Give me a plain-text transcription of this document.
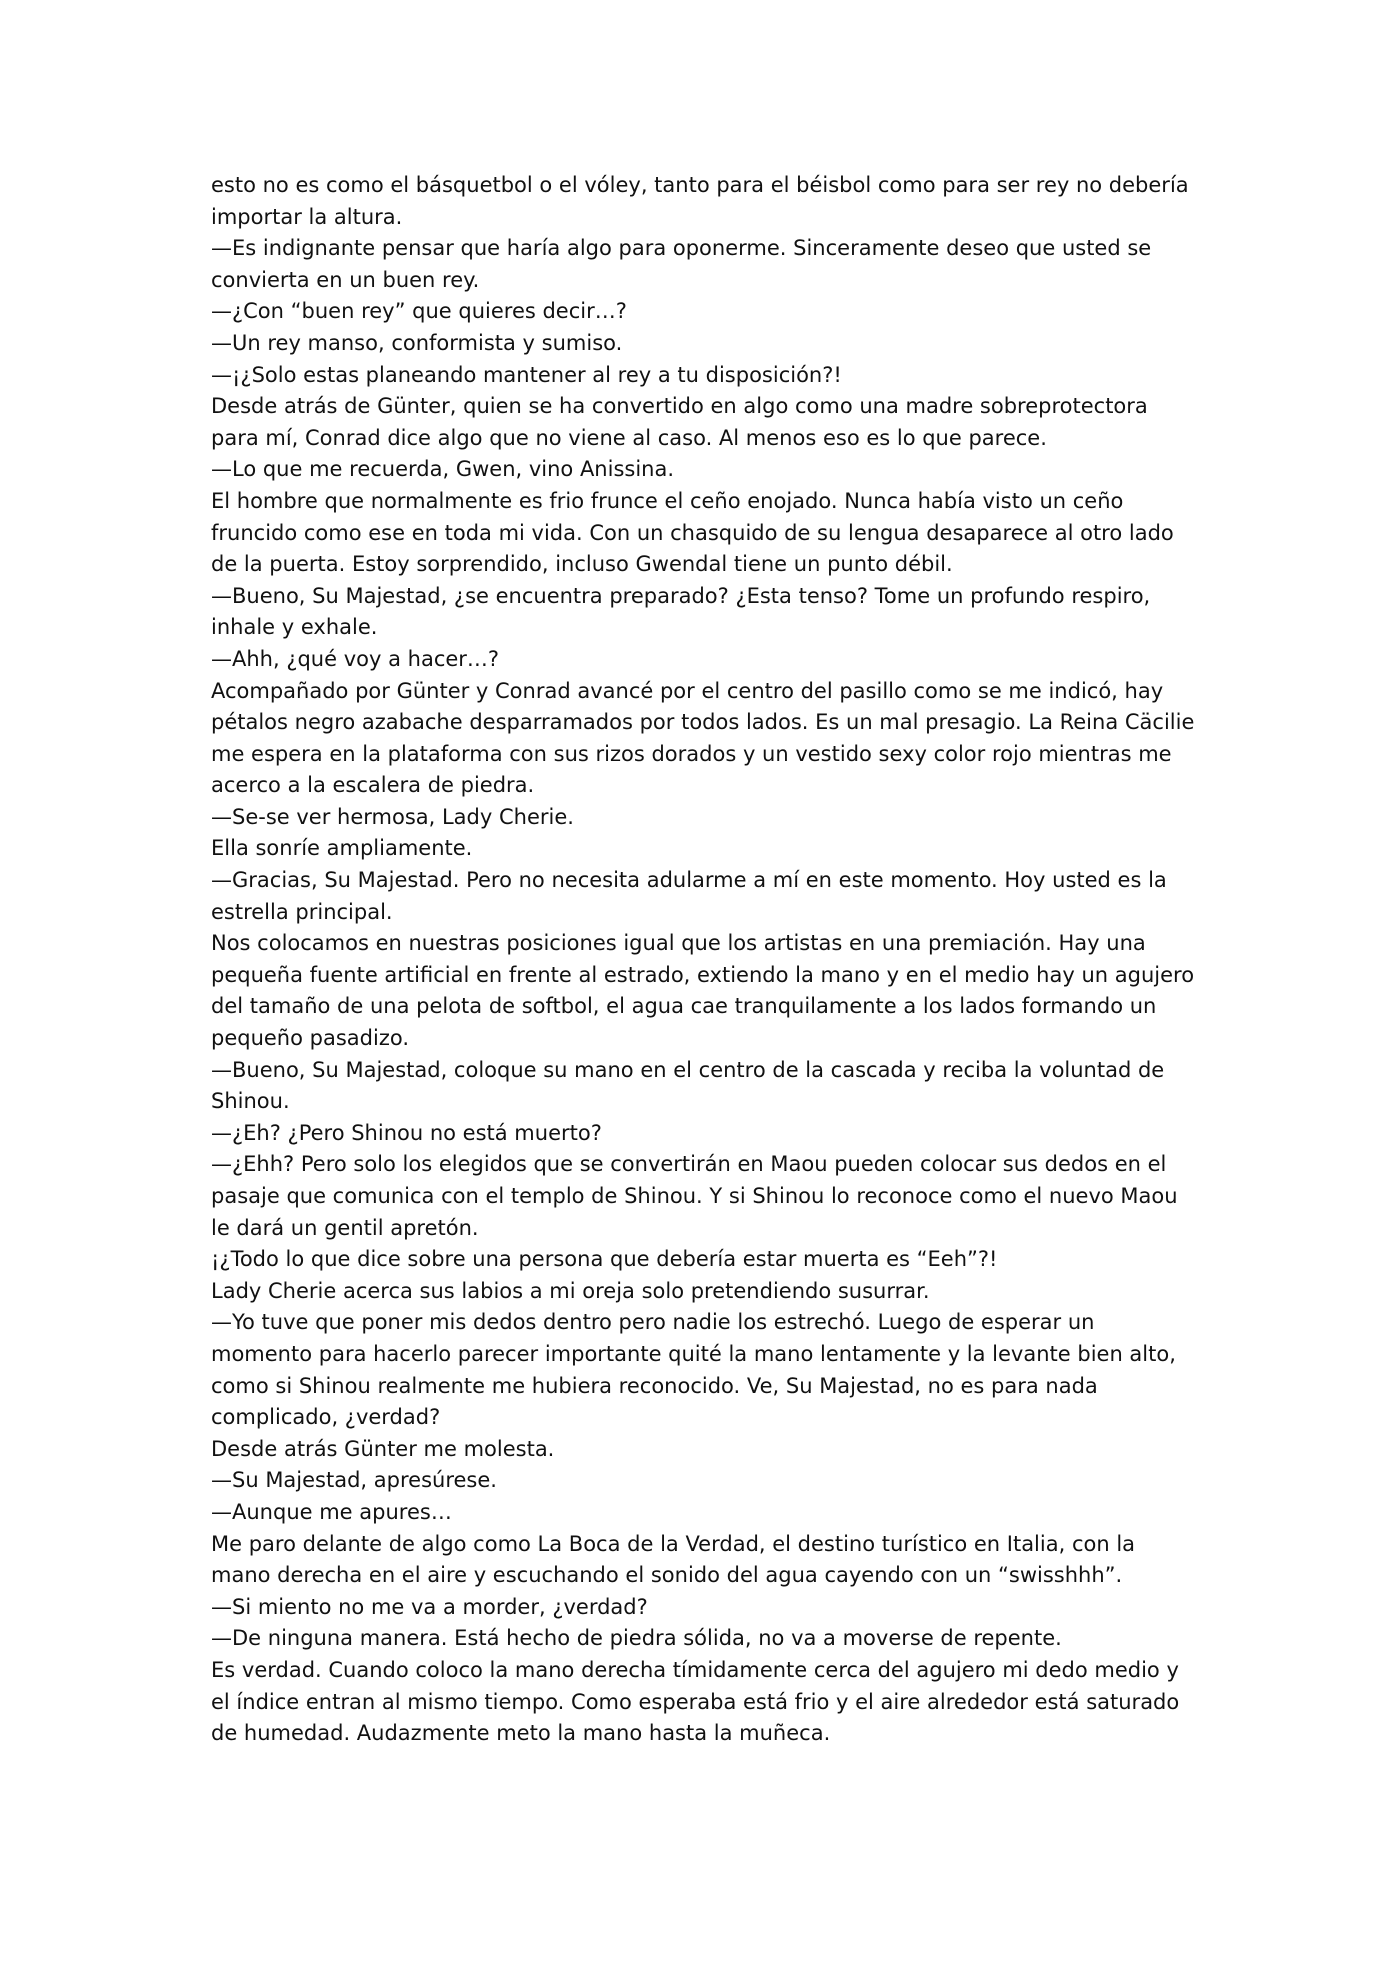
esto no es como el básquetbol o el vóley, tanto para el béisbol como para ser rey no debería importar la altura.

—Es indignante pensar que haría algo para oponerme. Sinceramente deseo que usted se convierta en un buen rey.

—¿Con “buen rey” que quieres decir…?

—Un rey manso, conformista y sumiso.

—¡¿Solo estas planeando mantener al rey a tu disposición?!

Desde atrás de Günter, quien se ha convertido en algo como una madre sobreprotectora para mí, Conrad dice algo que no viene al caso. Al menos eso es lo que parece.

—Lo que me recuerda, Gwen, vino Anissina.

El hombre que normalmente es frio frunce el ceño enojado. Nunca había visto un ceño fruncido como ese en toda mi vida. Con un chasquido de su lengua desaparece al otro lado de la puerta. Estoy sorprendido, incluso Gwendal tiene un punto débil.

—Bueno, Su Majestad, ¿se encuentra preparado? ¿Esta tenso? Tome un profundo respiro, inhale y exhale.

—Ahh, ¿qué voy a hacer…?

Acompañado por Günter y Conrad avancé por el centro del pasillo como se me indicó, hay pétalos negro azabache desparramados por todos lados. Es un mal presagio. La Reina Cäcilie me espera en la plataforma con sus rizos dorados y un vestido sexy color rojo mientras me acerco a la escalera de piedra.

—Se-se ver hermosa, Lady Cherie.

Ella sonríe ampliamente.

—Gracias, Su Majestad. Pero no necesita adularme a mí en este momento. Hoy usted es la estrella principal.

Nos colocamos en nuestras posiciones igual que los artistas en una premiación. Hay una pequeña fuente artificial en frente al estrado, extiendo la mano y en el medio hay un agujero del tamaño de una pelota de softbol, el agua cae tranquilamente a los lados formando un pequeño pasadizo.

—Bueno, Su Majestad, coloque su mano en el centro de la cascada y reciba la voluntad de Shinou.

—¿Eh? ¿Pero Shinou no está muerto?

—¿Ehh? Pero solo los elegidos que se convertirán en Maou pueden colocar sus dedos en el pasaje que comunica con el templo de Shinou. Y si Shinou lo reconoce como el nuevo Maou le dará un gentil apretón.

¡¿Todo lo que dice sobre una persona que debería estar muerta es “Eeh”?!

Lady Cherie acerca sus labios a mi oreja solo pretendiendo susurrar.

—Yo tuve que poner mis dedos dentro pero nadie los estrechó. Luego de esperar un momento para hacerlo parecer importante quité la mano lentamente y la levante bien alto, como si Shinou realmente me hubiera reconocido. Ve, Su Majestad, no es para nada complicado, ¿verdad?

Desde atrás Günter me molesta.

—Su Majestad, apresúrese.

—Aunque me apures…

Me paro delante de algo como La Boca de la Verdad, el destino turístico en Italia, con la mano derecha en el aire y escuchando el sonido del agua cayendo con un “swisshhh”.

—Si miento no me va a morder, ¿verdad?

—De ninguna manera. Está hecho de piedra sólida, no va a moverse de repente.

Es verdad. Cuando coloco la mano derecha tímidamente cerca del agujero mi dedo medio y el índice entran al mismo tiempo. Como esperaba está frio y el aire alrededor está saturado de humedad. Audazmente meto la mano hasta la muñeca.
